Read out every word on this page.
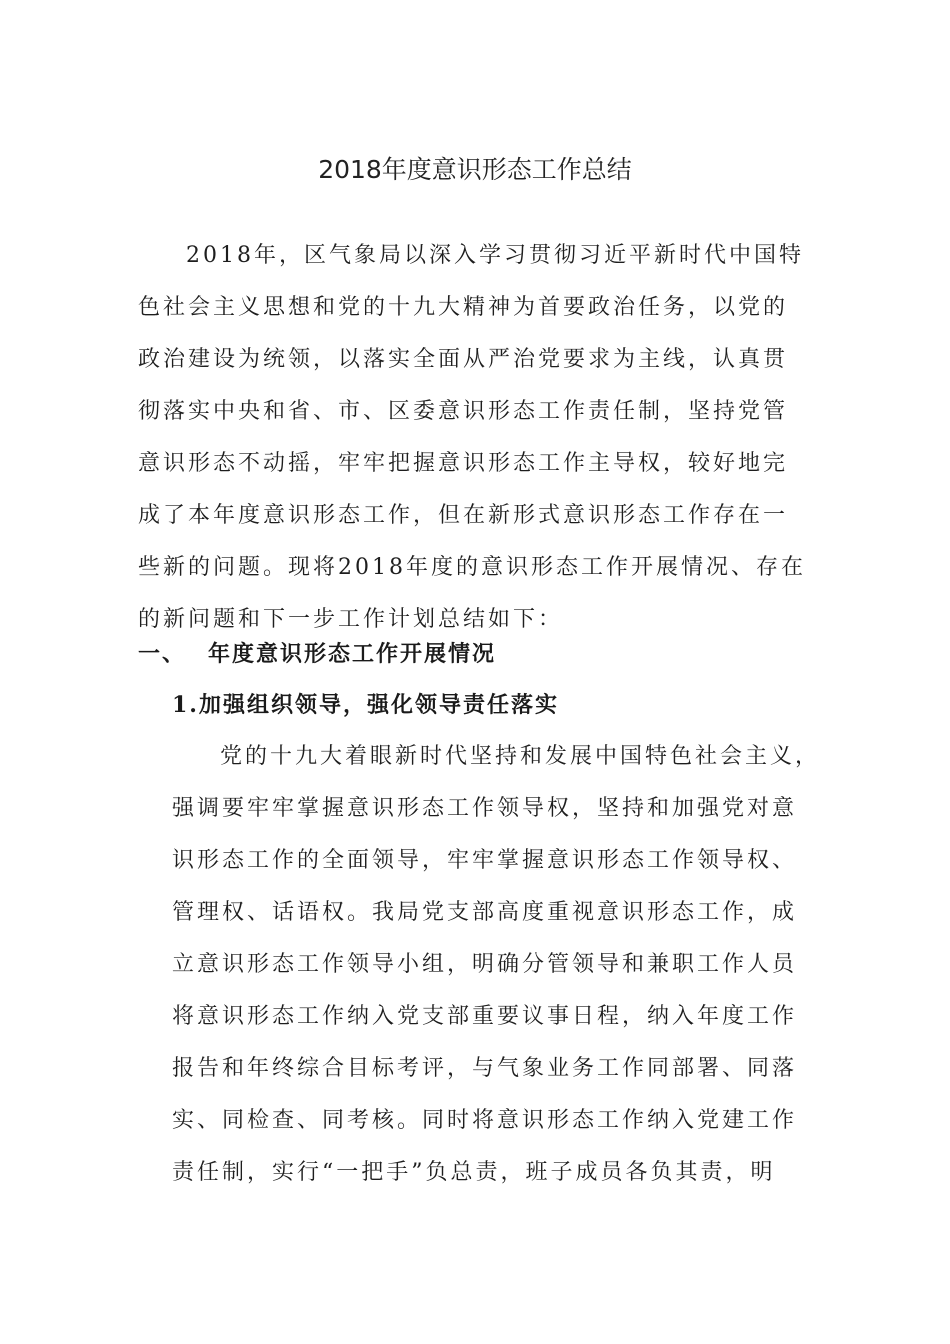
2018年度意识形态工作总结
2018年，区气象局以深入学习贯彻习近平新时代中国特
色社会主义思想和党的十九大精神为首要政治任务，以党的
政治建设为统领，以落实全面从严治党要求为主线，认真贯
彻落实中央和省、市、区委意识形态工作责任制，坚持党管
意识形态不动摇，牢牢把握意识形态工作主导权，较好地完
成了本年度意识形态工作，但在新形式意识形态工作存在一
些新的问题。现将2018年度的意识形态工作开展情况、存在
的新问题和下一步工作计划总结如下：
一、 年度意识形态工作开展情况
1.加强组织领导，强化领导责任落实
党的十九大着眼新时代坚持和发展中国特色社会主义，
强调要牢牢掌握意识形态工作领导权，坚持和加强党对意
识形态工作的全面领导，牢牢掌握意识形态工作领导权、
管理权、话语权。我局党支部高度重视意识形态工作，成
立意识形态工作领导小组，明确分管领导和兼职工作人员
将意识形态工作纳入党支部重要议事日程，纳入年度工作
报告和年终综合目标考评，与气象业务工作同部署、同落
实、同检查、同考核。同时将意识形态工作纳入党建工作
责任制，实行“一把手”负总责，班子成员各负其责，明
